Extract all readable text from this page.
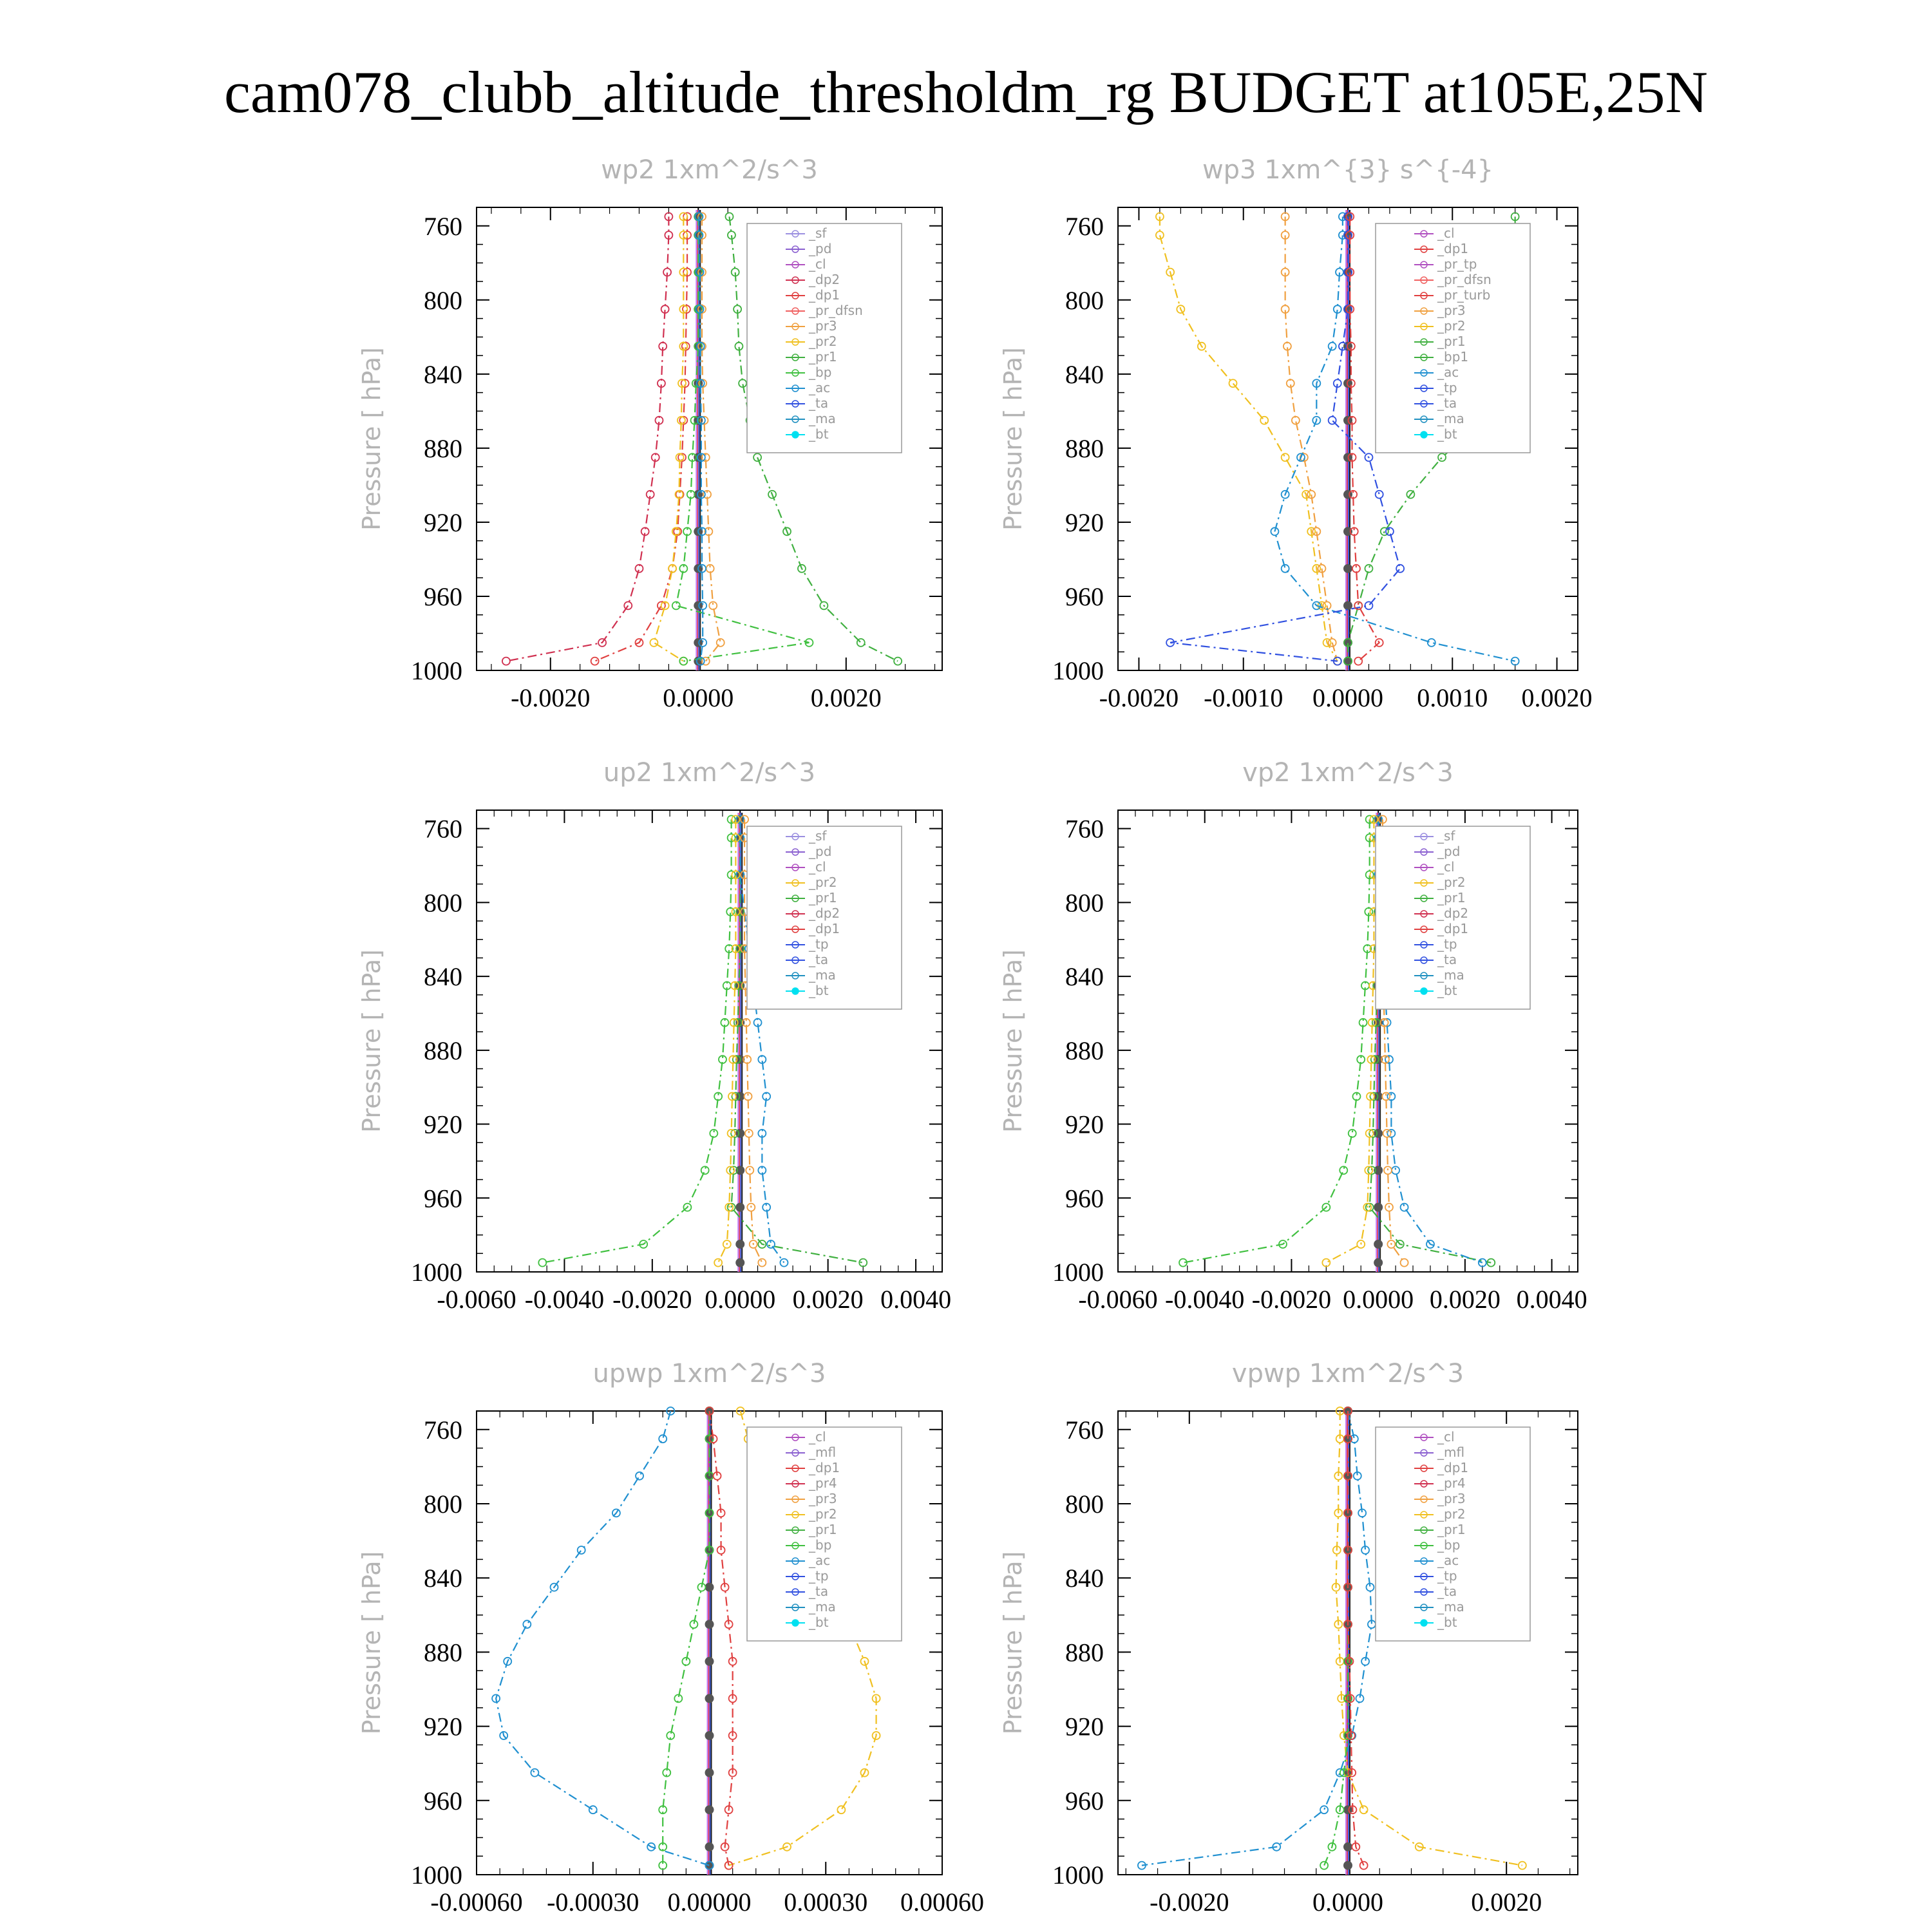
cam078_clubb_altitude_thresholdm_rg BUDGET at105E,25N
wp2 1xm^2/s^3
Pressure [ hPa]
760
800
840
880
920
960
1000
-0.0020	0.0000	0.0020
_sf
_pd
_cl
_dp2
_dp1
_pr_dfsn
_pr3
_pr2
_pr1
_bp
_ac
_ta
_ma
_bt
wp3 1xm^{3} s^{-4}
Pressure [ hPa]
760
800
840
880
920
960
1000
-0.0020 -0.0010 0.0000 0.0010 0.0020
_cl
_dp1
_pr_tp
_pr_dfsn
_pr_turb
_pr3
_pr2
_pr1
_bp1
_ac
_tp
_ta
_ma
_bt
up2 1xm^2/s^3
Pressure [ hPa]
760
800
840
880
920
960
1000
-0.0060 -0.0040 -0.0020 0.0000 0.0020 0.0040
_sf
_pd
_cl
_pr2
_pr1
_dp2
_dp1
_tp
_ta
_ma
_bt
vp2 1xm^2/s^3
Pressure [ hPa]
760
800
840
880
920
960
1000
-0.0060 -0.0040 -0.0020 0.0000 0.0020 0.0040
_sf
_pd
_cl
_pr2
_pr1
_dp2
_dp1
_tp
_ta
_ma
_bt
upwp 1xm^2/s^3
Pressure [ hPa]
760
800
840
880
920
960
1000
-0.00060 -0.00030 0.00000 0.00030 0.00060
_cl
_mfl
_dp1
_pr4
_pr3
_pr2
_pr1
_bp
_ac
_tp
_ta
_ma
_bt
vpwp 1xm^2/s^3
Pressure [ hPa]
760
800
840
880
920
960
1000
-0.0020	0.0000	0.0020
_cl
_mfl
_dp1
_pr4
_pr3
_pr2
_pr1
_bp
_ac
_tp
_ta
_ma
_bt
